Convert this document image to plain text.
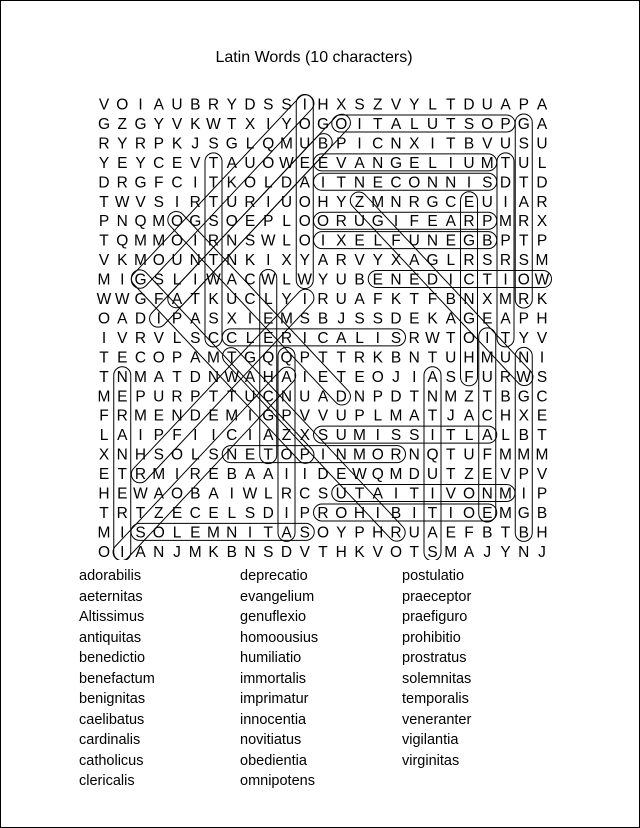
Latin Words (10 characters)
V O I A U B R Y D S S I H X S Z V Y L T D U A P A
G Z G Y V K W T X I Y O G O I T A L U T S O P G A
R Y R P K J S G L Q M U B P I C N X I T B V U S U
Y E Y C E V T A U O W E E V A N G E L I U M T U L
D R G F C I T K O L D A I T N E C O N N I S D T D
T W V S I R T U R I U O H Y Z M N R G C E U I A R
P N Q M O G S O E P L O O R U G I F E A R P M R X
T Q M M O I R N S W L O I X E L F U N E G B P T P
V K M O U N T N K I X Y A R V Y X A G L R S R S M
M I G S L I W A C W L W Y U B E N E D I C T I O W
W W G F A T K U C L Y I R U A F K T F B N X M R K
O A D I P A S X I E M S B J S S D E K A G E A P H
I V R V L S C C L E R I C A L I S R W T O I T Y V
T E C O P A M T G Q Q P T T R K B N T U H M U N I
T N M A T D N W A H A I E T E O J I A S F U R W S
M E P U R P T T U C N U A D N P D T N M Z T B G C
F R M E N D E M I G P V V U P L M A T J A C H X E
L A I P F I I C I A Z X S U M I S S I T L A L B T
X N H S O L S N E T O P I N M O R N Q T U F M M M
E T R M I R E B A A I I D E W Q M D U T Z E V P V
H E W A O B A I W L R C S U T A I T I V O N M I P
T R T Z E C E L S D I P R O H I B I T I O E M G B
M I S O L E M N I T A S O Y P H R U A E F B T B H
O I A N J M K B N S D V T H K V O T S M A J Y N J
adorabilis
aeternitas
Altissimus
antiquitas
benedictio
benefactum
benignitas
caelibatus
cardinalis
catholicus
clericalis
deprecatio
evangelium
genuflexio
homoousius
humiliatio
immortalis
imprimatur
innocentia
novitiatus
obedientia
omnipotens
postulatio
praeceptor
praefiguro
prohibitio
prostratus
solemnitas
temporalis
veneranter
vigilantia
virginitas
